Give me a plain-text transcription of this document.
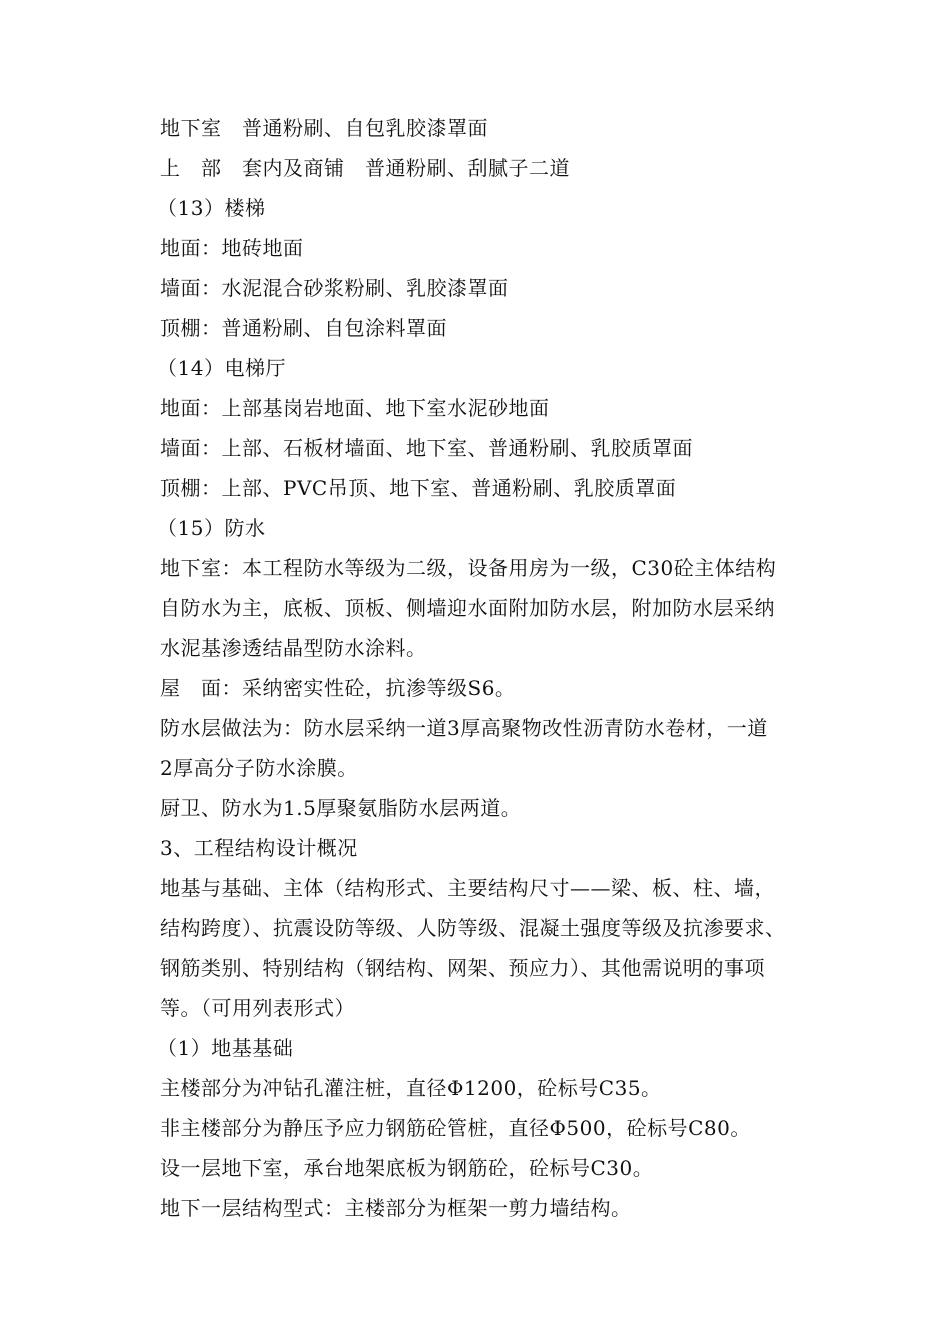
地下室　普通粉刷、自包乳胶漆罩面
上　部　套内及商铺　普通粉刷、刮腻子二道
（13）楼梯
地面：地砖地面
墙面：水泥混合砂浆粉刷、乳胶漆罩面
顶棚：普通粉刷、自包涂料罩面
（14）电梯厅
地面：上部基岗岩地面、地下室水泥砂地面
墙面：上部、石板材墙面、地下室、普通粉刷、乳胶质罩面
顶棚：上部、PVC吊顶、地下室、普通粉刷、乳胶质罩面
（15）防水
地下室：本工程防水等级为二级，设备用房为一级，C30砼主体结构
自防水为主，底板、顶板、侧墙迎水面附加防水层，附加防水层采纳
水泥基渗透结晶型防水涂料。
屋　面：采纳密实性砼，抗渗等级S6。
防水层做法为：防水层采纳一道3厚高聚物改性沥青防水卷材，一道
2厚高分子防水涂膜。
厨卫、防水为1.5厚聚氨脂防水层两道。
3、工程结构设计概况
地基与基础、主体（结构形式、主要结构尺寸——梁、板、柱、墙，
结构跨度）、抗震设防等级、人防等级、混凝土强度等级及抗渗要求、
钢筋类别、特别结构（钢结构、网架、预应力）、其他需说明的事项
等。（可用列表形式）
（1）地基基础
主楼部分为冲钻孔灌注桩，直径Φ1200，砼标号C35。
非主楼部分为静压予应力钢筋砼管桩，直径Φ500，砼标号C80。
设一层地下室，承台地架底板为钢筋砼，砼标号C30。
地下一层结构型式：主楼部分为框架一剪力墙结构。
